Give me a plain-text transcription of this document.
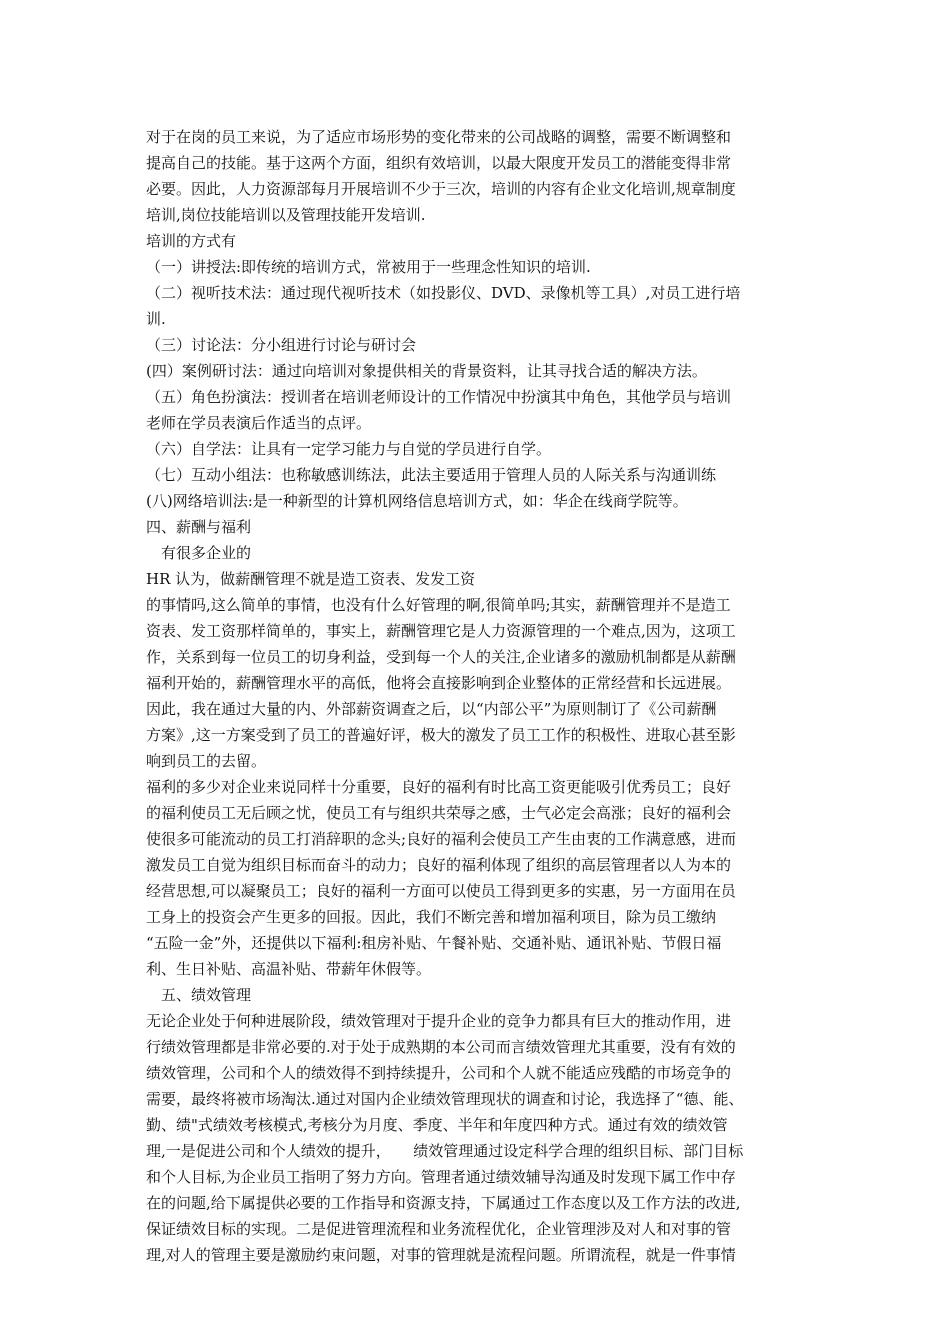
对于在岗的员工来说，为了适应市场形势的变化带来的公司战略的调整，需要不断调整和
提高自己的技能。基于这两个方面，组织有效培训，以最大限度开发员工的潜能变得非常
必要。因此，人力资源部每月开展培训不少于三次，培训的内容有企业文化培训,规章制度
培训,岗位技能培训以及管理技能开发培训.
培训的方式有
（一）讲授法:即传统的培训方式，常被用于一些理念性知识的培训.
（二）视听技术法：通过现代视听技术（如投影仪、DVD、录像机等工具）,对员工进行培
训.
（三）讨论法：分小组进行讨论与研讨会
(四）案例研讨法：通过向培训对象提供相关的背景资料，让其寻找合适的解决方法。
（五）角色扮演法：授训者在培训老师设计的工作情况中扮演其中角色，其他学员与培训
老师在学员表演后作适当的点评。
（六）自学法：让具有一定学习能力与自觉的学员进行自学。
（七）互动小组法：也称敏感训练法，此法主要适用于管理人员的人际关系与沟通训练
(八)网络培训法:是一种新型的计算机网络信息培训方式，如：华企在线商学院等。
四、薪酬与福利
　有很多企业的
HR 认为，做薪酬管理不就是造工资表、发发工资
的事情吗,这么简单的事情，也没有什么好管理的啊,很简单吗;其实，薪酬管理并不是造工
资表、发工资那样简单的，事实上，薪酬管理它是人力资源管理的一个难点,因为，这项工
作，关系到每一位员工的切身利益，受到每一个人的关注,企业诸多的激励机制都是从薪酬
福利开始的，薪酬管理水平的高低，他将会直接影响到企业整体的正常经营和长远进展。
因此，我在通过大量的内、外部薪资调查之后，以“内部公平”为原则制订了《公司薪酬
方案》,这一方案受到了员工的普遍好评，极大的激发了员工工作的积极性、进取心甚至影
响到员工的去留。
福利的多少对企业来说同样十分重要，良好的福利有时比高工资更能吸引优秀员工；良好
的福利使员工无后顾之忧，使员工有与组织共荣辱之感，士气必定会高涨；良好的福利会
使很多可能流动的员工打消辞职的念头;良好的福利会使员工产生由衷的工作满意感，进而
激发员工自觉为组织目标而奋斗的动力；良好的福利体现了组织的高层管理者以人为本的
经营思想,可以凝聚员工；良好的福利一方面可以使员工得到更多的实惠，另一方面用在员
工身上的投资会产生更多的回报。因此，我们不断完善和增加福利项目，除为员工缴纳
“五险一金”外，还提供以下福利:租房补贴、午餐补贴、交通补贴、通讯补贴、节假日福
利、生日补贴、高温补贴、带薪年休假等。
　五、绩效管理
无论企业处于何种进展阶段，绩效管理对于提升企业的竞争力都具有巨大的推动作用，进
行绩效管理都是非常必要的.对于处于成熟期的本公司而言绩效管理尤其重要，没有有效的
绩效管理，公司和个人的绩效得不到持续提升，公司和个人就不能适应残酷的市场竞争的
需要，最终将被市场淘汰.通过对国内企业绩效管理现状的调查和讨论，我选择了“德、能、
勤、绩"式绩效考核模式,考核分为月度、季度、半年和年度四种方式。通过有效的绩效管
理,一是促进公司和个人绩效的提升，　　绩效管理通过设定科学合理的组织目标、部门目标
和个人目标,为企业员工指明了努力方向。管理者通过绩效辅导沟通及时发现下属工作中存
在的问题,给下属提供必要的工作指导和资源支持，下属通过工作态度以及工作方法的改进,
保证绩效目标的实现。二是促进管理流程和业务流程优化，企业管理涉及对人和对事的管
理,对人的管理主要是激励约束问题，对事的管理就是流程问题。所谓流程，就是一件事情
